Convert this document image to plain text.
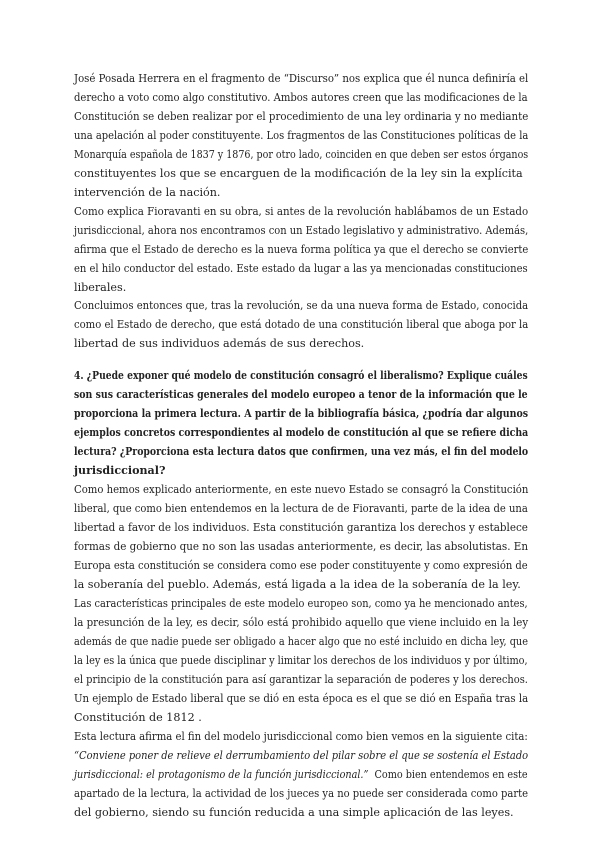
José Posada Herrera en el fragmento de “Discurso” nos explica que él nunca definiría el

derecho a voto como algo constitutivo. Ambos autores creen que las modificaciones de la

Constitución se deben realizar por el procedimiento de una ley ordinaria y no mediante

una apelación al poder constituyente. Los fragmentos de las Constituciones políticas de la

Monarquía española de 1837 y 1876, por otro lado, coinciden en que deben ser estos órganos

constituyentes los que se encarguen de la modificación de la ley sin la explícita

intervención de la nación.

Como explica Fioravanti en su obra, si antes de la revolución hablábamos de un Estado

jurisdiccional, ahora nos encontramos con un Estado legislativo y administrativo. Además,

afirma que el Estado de derecho es la nueva forma política ya que el derecho se convierte

en el hilo conductor del estado. Este estado da lugar a las ya mencionadas constituciones

liberales.

Concluimos entonces que, tras la revolución, se da una nueva forma de Estado, conocida

como el Estado de derecho, que está dotado de una constitución liberal que aboga por la

libertad de sus individuos además de sus derechos.

4. ¿Puede exponer qué modelo de constitución consagró el liberalismo? Explique cuáles

son sus características generales del modelo europeo a tenor de la información que le

proporciona la primera lectura. A partir de la bibliografía básica, ¿podría dar algunos

ejemplos concretos correspondientes al modelo de constitución al que se refiere dicha

lectura? ¿Proporciona esta lectura datos que confirmen, una vez más, el fin del modelo

jurisdiccional?

Como hemos explicado anteriormente, en este nuevo Estado se consagró la Constitución

liberal, que como bien entendemos en la lectura de de Fioravanti, parte de la idea de una

libertad a favor de los individuos. Esta constitución garantiza los derechos y establece

formas de gobierno que no son las usadas anteriormente, es decir, las absolutistas. En

Europa esta constitución se considera como ese poder constituyente y como expresión de

la soberanía del pueblo. Además, está ligada a la idea de la soberanía de la ley.

Las características principales de este modelo europeo son, como ya he mencionado antes,

la presunción de la ley, es decir, sólo está prohibido aquello que viene incluido en la ley

además de que nadie puede ser obligado a hacer algo que no esté incluido en dicha ley, que

la ley es la única que puede disciplinar y limitar los derechos de los individuos y por último,

el principio de la constitución para así garantizar la separación de poderes y los derechos.

Un ejemplo de Estado liberal que se dió en esta época es el que se dió en España tras la

Constitución de 1812 .

Esta lectura afirma el fin del modelo jurisdiccional como bien vemos en la siguiente cita:

“Conviene poner de relieve el derrumbamiento del pilar sobre el que se sostenía el Estado

jurisdiccional: el protagonismo de la función jurisdiccional.”  Como bien entendemos en este

apartado de la lectura, la actividad de los jueces ya no puede ser considerada como parte

del gobierno, siendo su función reducida a una simple aplicación de las leyes.
